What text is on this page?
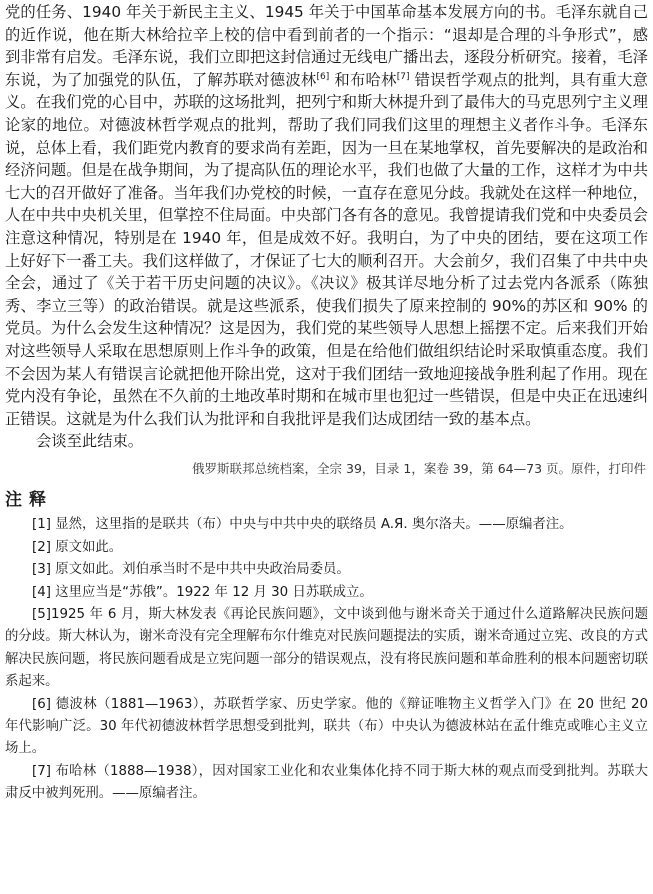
党的任务、1940 年关于新民主主义、1945 年关于中国革命基本发展方向的书。毛泽东就自己的近作说，他在斯大林给拉辛上校的信中看到前者的一个指示：“退却是合理的斗争形式”，感到非常有启发。毛泽东说，我们立即把这封信通过无线电广播出去，逐段分析研究。接着，毛泽东说，为了加强党的队伍，了解苏联对德波林[6] 和布哈林[7] 错误哲学观点的批判，具有重大意义。在我们党的心目中，苏联的这场批判，把列宁和斯大林提升到了最伟大的马克思列宁主义理论家的地位。对德波林哲学观点的批判，帮助了我们同我们这里的理想主义者作斗争。毛泽东说，总体上看，我们距党内教育的要求尚有差距，因为一旦在某地掌权，首先要解决的是政治和经济问题。但是在战争期间，为了提高队伍的理论水平，我们也做了大量的工作，这样才为中共七大的召开做好了准备。当年我们办党校的时候，一直存在意见分歧。我就处在这样一种地位，人在中共中央机关里，但掌控不住局面。中央部门各有各的意见。我曾提请我们党和中央委员会注意这种情况，特别是在 1940 年，但是成效不好。我明白，为了中央的团结，要在这项工作上好好下一番工夫。我们这样做了，才保证了七大的顺利召开。大会前夕，我们召集了中共中央全会，通过了《关于若干历史问题的决议》。《决议》极其详尽地分析了过去党内各派系（陈独秀、李立三等）的政治错误。就是这些派系，使我们损失了原来控制的 90%的苏区和 90% 的党员。为什么会发生这种情况？这是因为，我们党的某些领导人思想上摇摆不定。后来我们开始对这些领导人采取在思想原则上作斗争的政策，但是在给他们做组织结论时采取慎重态度。我们不会因为某人有错误言论就把他开除出党，这对于我们团结一致地迎接战争胜利起了作用。现在党内没有争论，虽然在不久前的土地改革时期和在城市里也犯过一些错误，但是中央正在迅速纠正错误。这就是为什么我们认为批评和自我批评是我们达成团结一致的基本点。

会谈至此结束。

俄罗斯联邦总统档案，全宗 39，目录 1，案卷 39，第 64—73 页。原件，打印件

注释

[1] 显然，这里指的是联共（布）中央与中共中央的联络员 A.Я. 奥尔洛夫。——原编者注。

[2] 原文如此。

[3] 原文如此。刘伯承当时不是中共中央政治局委员。

[4] 这里应当是“苏俄”。1922 年 12 月 30 日苏联成立。

[5]1925 年 6 月，斯大林发表《再论民族问题》，文中谈到他与谢米奇关于通过什么道路解决民族问题的分歧。斯大林认为，谢米奇没有完全理解布尔什维克对民族问题提法的实质，谢米奇通过立宪、改良的方式解决民族问题，将民族问题看成是立宪问题一部分的错误观点，没有将民族问题和革命胜利的根本问题密切联系起来。

[6] 德波林（1881—1963），苏联哲学家、历史学家。他的《辩证唯物主义哲学入门》在 20 世纪 20 年代影响广泛。30 年代初德波林哲学思想受到批判，联共（布）中央认为德波林站在孟什维克或唯心主义立场上。

[7] 布哈林（1888—1938），因对国家工业化和农业集体化持不同于斯大林的观点而受到批判。苏联大肃反中被判死刑。——原编者注。
